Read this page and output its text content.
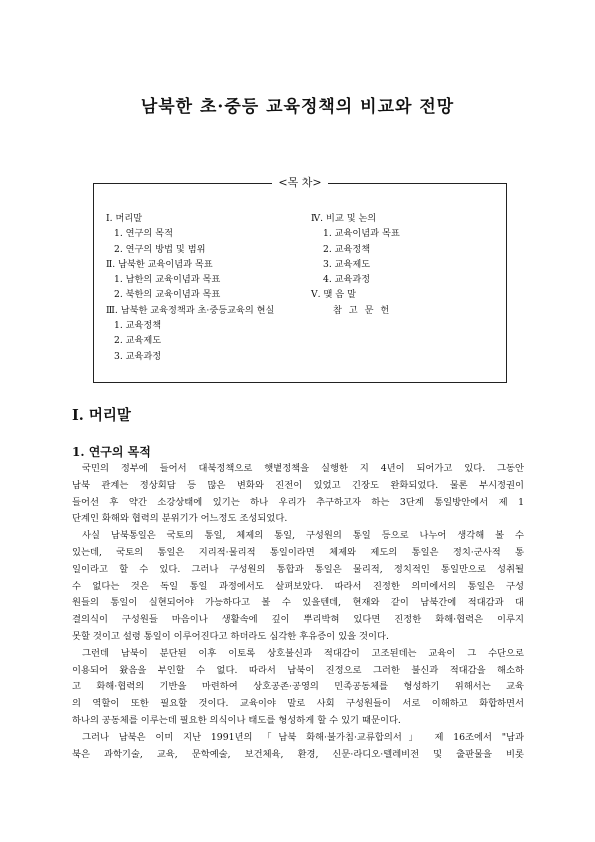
남북한 초·중등 교육정책의 비교와 전망
<목 차>
Ⅰ. 머리말
1. 연구의 목적
2. 연구의 방법 및 범위
Ⅱ. 남북한 교육이념과 목표
1. 남한의 교육이념과 목표
2. 북한의 교육이념과 목표
Ⅲ. 남북한 교육정책과 초·중등교육의 현실
1. 교육정책
2. 교육제도
3. 교육과정
Ⅳ. 비교 및 논의
1. 교육이념과 목표
2. 교육정책
3. 교육제도
4. 교육과정
Ⅴ. 맺 음 말
참 고 문 헌
Ⅰ. 머리말
1. 연구의 목적
국민의 정부에 들어서 대북정책으로 햇볕정책을 실행한 지 4년이 되어가고 있다. 그동안
남북 관계는 정상회담 등 많은 변화와 진전이 있었고 긴장도 완화되었다. 물론 부시정권이
들어선 후 약간 소강상태에 있기는 하나 우리가 추구하고자 하는 3단계 통일방안에서 제 1
단계인 화해와 협력의 분위기가 어느정도 조성되었다.
사실 남북통일은 국토의 통일, 체제의 통일, 구성원의 통일 등으로 나누어 생각해 볼 수
있는데, 국토의 통일은 지리적·물리적 통일이라면 체제와 제도의 통일은 정치·군사적 통
일이라고 할 수 있다. 그러나 구성원의 통합과 통일은 물리적, 정치적인 통일만으로 성취될
수 없다는 것은 독일 통일 과정에서도 살펴보았다. 따라서 진정한 의미에서의 통일은 구성
원들의 통일이 실현되어야 가능하다고 볼 수 있을텐데, 현재와 같이 남북간에 적대감과 대
결의식이 구성원들 마음이나 생활속에 깊이 뿌리박혀 있다면 진정한 화해·협력은 이루지
못할 것이고 설령 통일이 이루어진다고 하더라도 심각한 후유증이 있을 것이다.
그런데 남북이 분단된 이후 이토록 상호불신과 적대감이 고조된데는 교육이 그 수단으로
이용되어 왔음을 부인할 수 없다. 따라서 남북이 진정으로 그러한 불신과 적대감을 해소하
고 화해·협력의 기반을 마련하여 상호공존·공영의 민족공동체를 형성하기 위해서는 교육
의 역할이 또한 필요할 것이다. 교육이야 말로 사회 구성원들이 서로 이해하고 화합하면서
하나의 공동체를 이루는데 필요한 의식이나 태도를 형성하게 할 수 있기 때문이다.
그러나 남북은 이미 지난 1991년의 「남북 화해·불가침·교류합의서」 제 16조에서 "남과
북은 과학기술, 교육, 문학예술, 보건체육, 환경, 신문·라디오·텔레비전 및 출판물을 비롯
